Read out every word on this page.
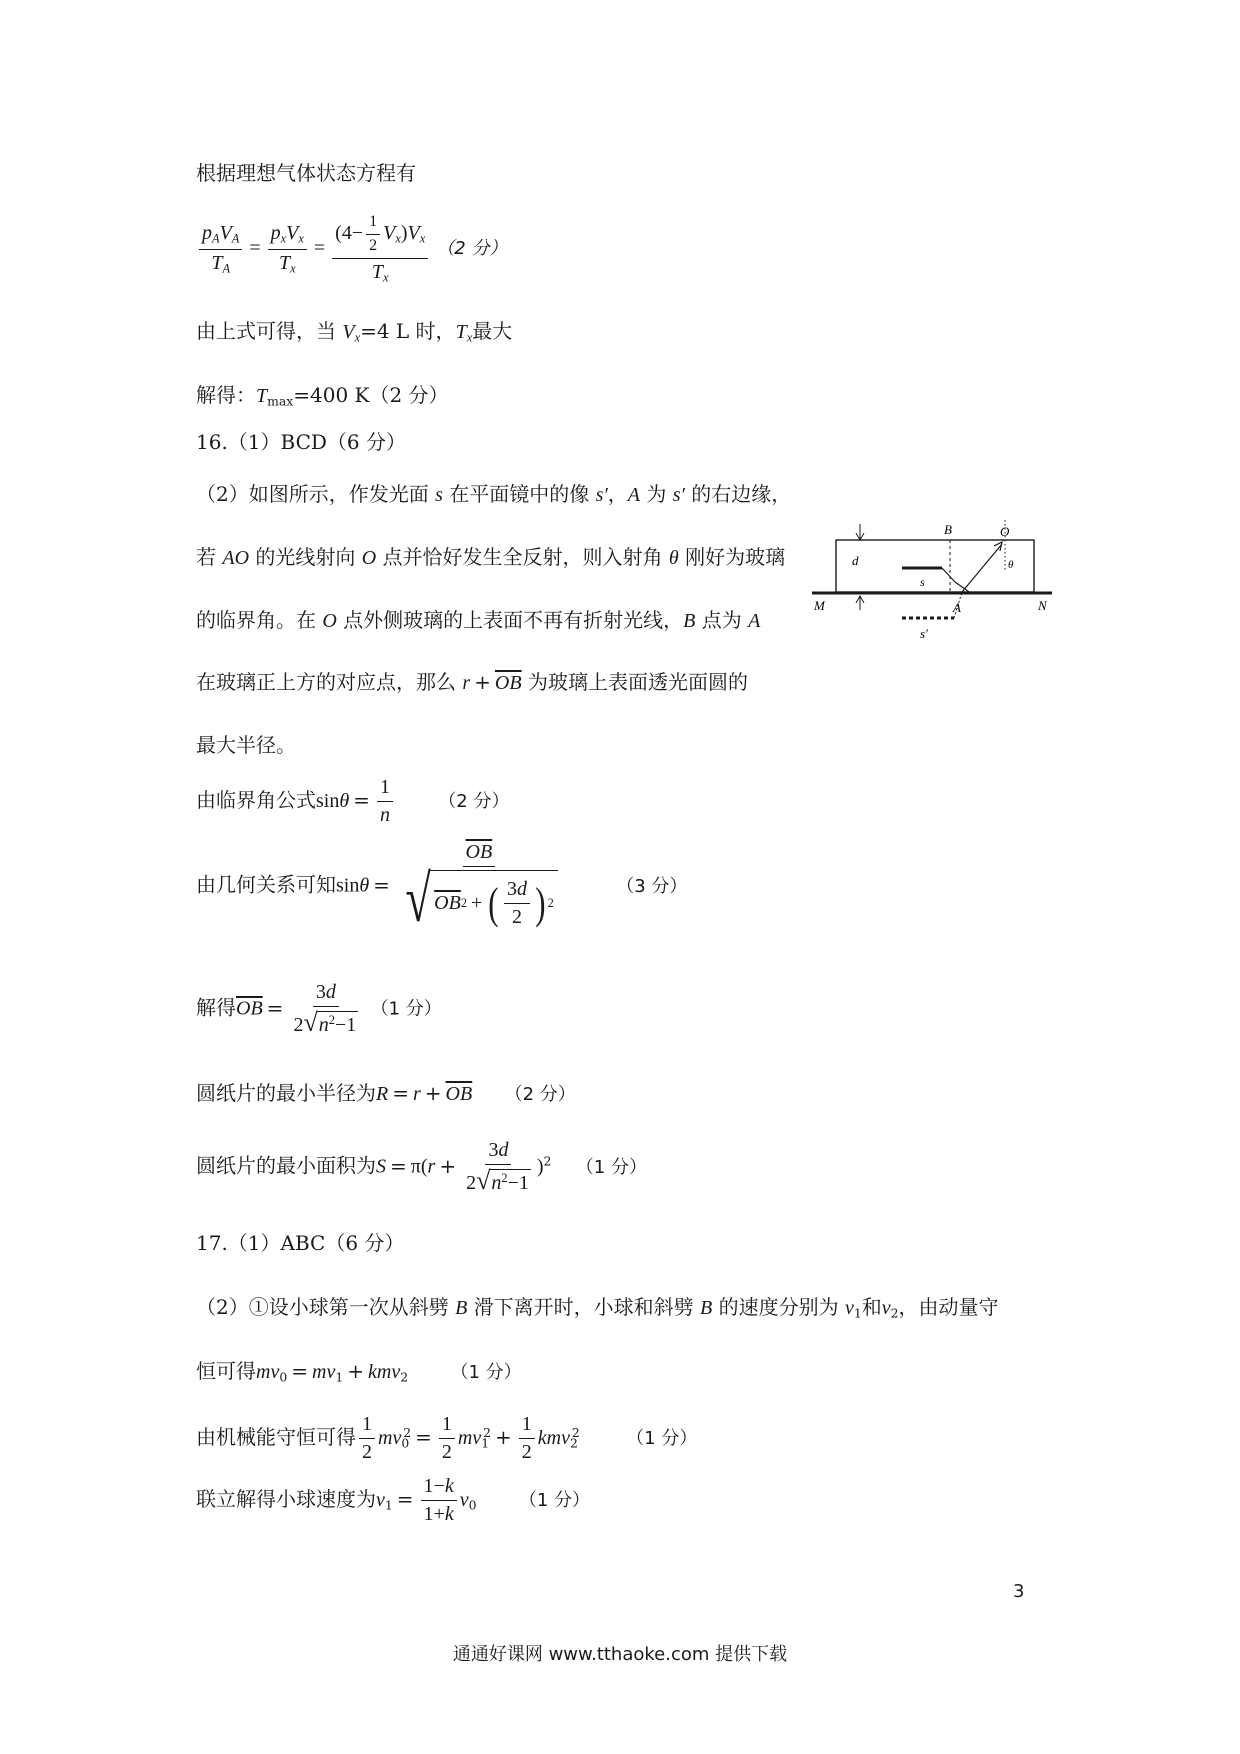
根据理想气体状态方程有
$\frac{\text{pAVA}}{TA} = \frac{\text{pxVx}}{Tx} = \frac{(4- \frac{1}{2} Vx)Vx}{Tx} (2$ 分）
由上式可得，当 Vx=4 L 时，Tx最大
解得：Tmax=400 K（2 分）
16.（1）BCD（6 分）
（2）如图所示，作发光面 s 在平面镜中的像 s′，A 为 s′ 的右边缘，
若 AO 的光线射向 O 点并恰好发生全反射，则入射角 θ 刚好为玻璃
的临界角。在 O 点外侧玻璃的上表面不再有折射光线，B 点为 A
在玻璃正上方的对应点，那么 $r + \overline{OB}$ 为玻璃上表面透光面圆的
最大半径。
B	O
d
s
θ
M	N
A
s′
由临界角公式$\sin\theta = \frac{1}{n}$	（2 分）
由几何关系可知$\sin\theta = \frac{\overline{OB}}{√ OB 2 + ( \frac{3d}{2} ) 2}$	（3 分）
解得$\overline{OB} = \frac{3d}{2 √ n^2-1} (1$ 分）
圆纸片的最小半径为$R = r + \overline{OB}$ （2 分）
圆纸片的最小面积为$S = \pi(r + \frac{3d}{2 √ n^2-1} )^2$ （1 分）
17.（1）ABC（6 分）
（2）①设小球第一次从斜劈 B 滑下离开时，小球和斜劈 B 的速度分别为 v1和v2，由动量守
恒可得mv0 = mv1 + kmv2 （1 分）
由机械能守恒可得 $\frac{1}{2} mv0^2 = \frac{1}{2} mv1^2 + \frac{1}{2} kmv2^2$	（1 分）
联立解得小球速度为$v1 = \frac{1-k}{1+k} v0$ （1 分）
3
通通好课网 www.tthaoke.com 提供下载
